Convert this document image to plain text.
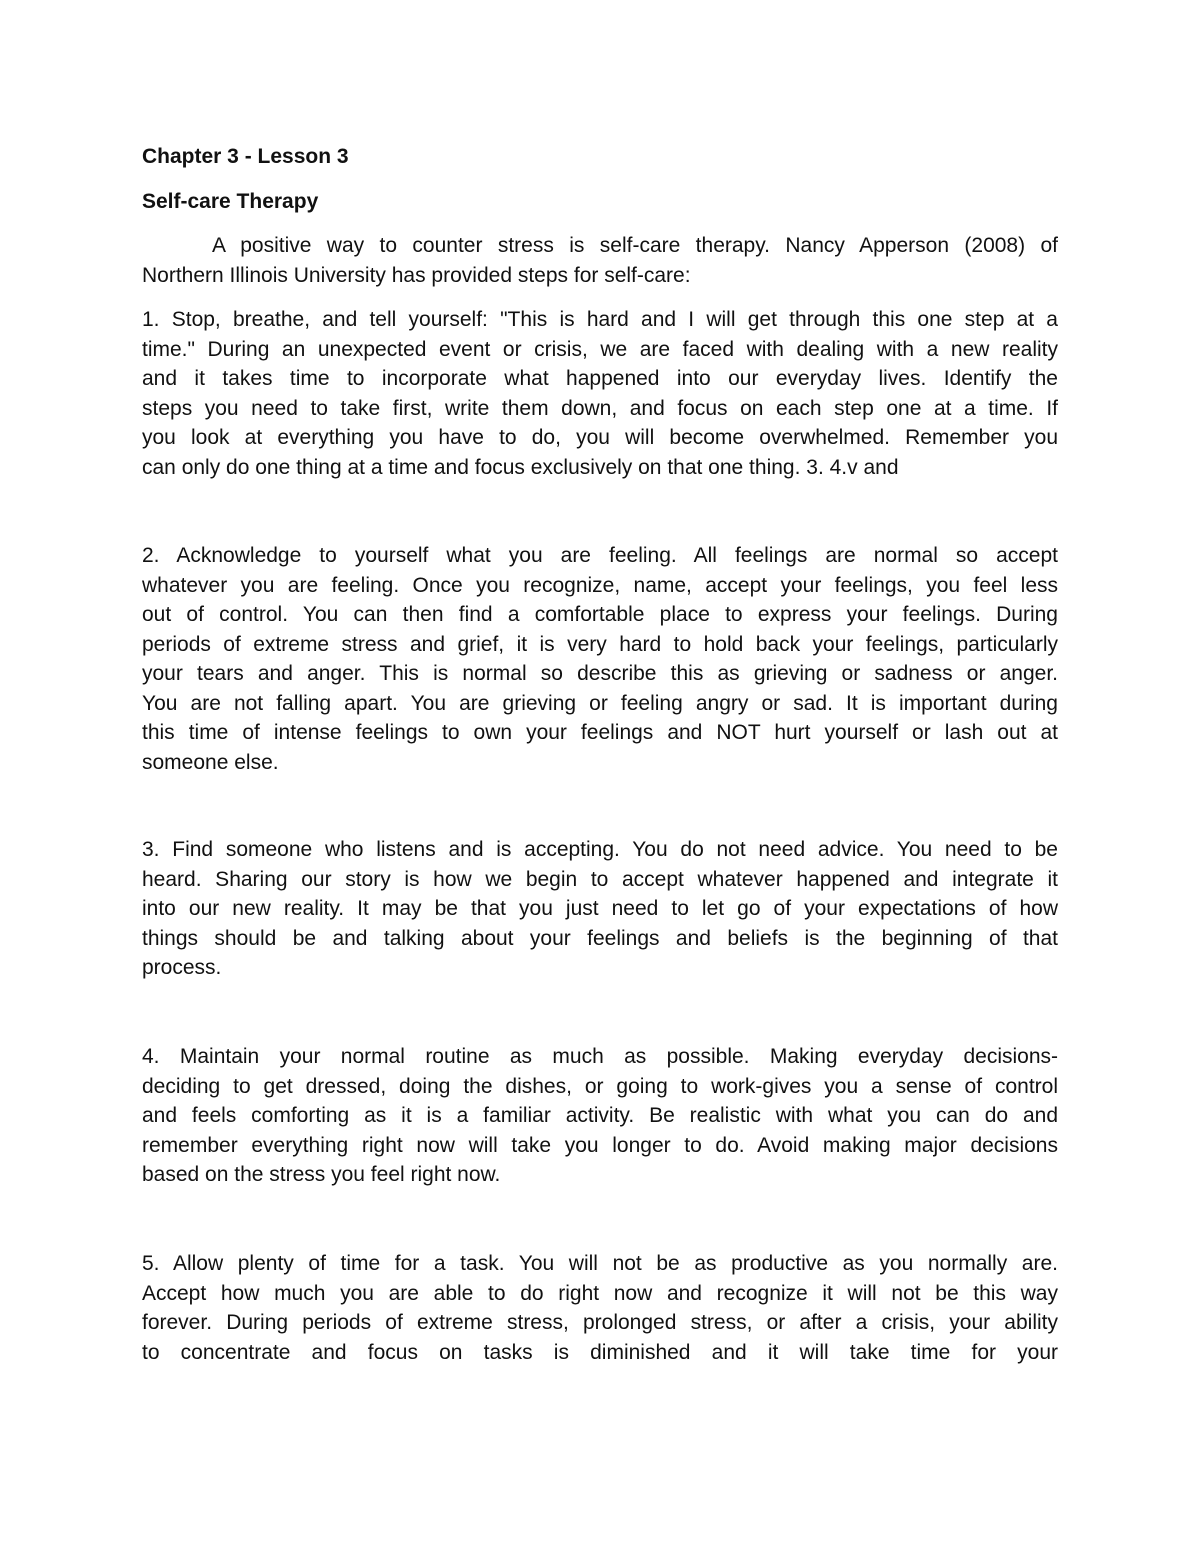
Chapter 3 - Lesson 3
Self-care Therapy

A positive way to counter stress is self-care therapy. Nancy Apperson (2008) of
Northern Illinois University has provided steps for self-care:

1. Stop, breathe, and tell yourself: "This is hard and I will get through this one step at a
time." During an unexpected event or crisis, we are faced with dealing with a new reality
and it takes time to incorporate what happened into our everyday lives. Identify the
steps you need to take first, write them down, and focus on each step one at a time. If
you look at everything you have to do, you will become overwhelmed. Remember you
can only do one thing at a time and focus exclusively on that one thing. 3. 4.v and

2. Acknowledge to yourself what you are feeling. All feelings are normal so accept
whatever you are feeling. Once you recognize, name, accept your feelings, you feel less
out of control. You can then find a comfortable place to express your feelings. During
periods of extreme stress and grief, it is very hard to hold back your feelings, particularly
your tears and anger. This is normal so describe this as grieving or sadness or anger.
You are not falling apart. You are grieving or feeling angry or sad. It is important during
this time of intense feelings to own your feelings and NOT hurt yourself or lash out at
someone else.

3. Find someone who listens and is accepting. You do not need advice. You need to be
heard. Sharing our story is how we begin to accept whatever happened and integrate it
into our new reality. It may be that you just need to let go of your expectations of how
things should be and talking about your feelings and beliefs is the beginning of that
process.

4. Maintain your normal routine as much as possible. Making everyday decisions-
deciding to get dressed, doing the dishes, or going to work-gives you a sense of control
and feels comforting as it is a familiar activity. Be realistic with what you can do and
remember everything right now will take you longer to do. Avoid making major decisions
based on the stress you feel right now.

5. Allow plenty of time for a task. You will not be as productive as you normally are.
Accept how much you are able to do right now and recognize it will not be this way
forever. During periods of extreme stress, prolonged stress, or after a crisis, your ability
to concentrate and focus on tasks is diminished and it will take time for your
